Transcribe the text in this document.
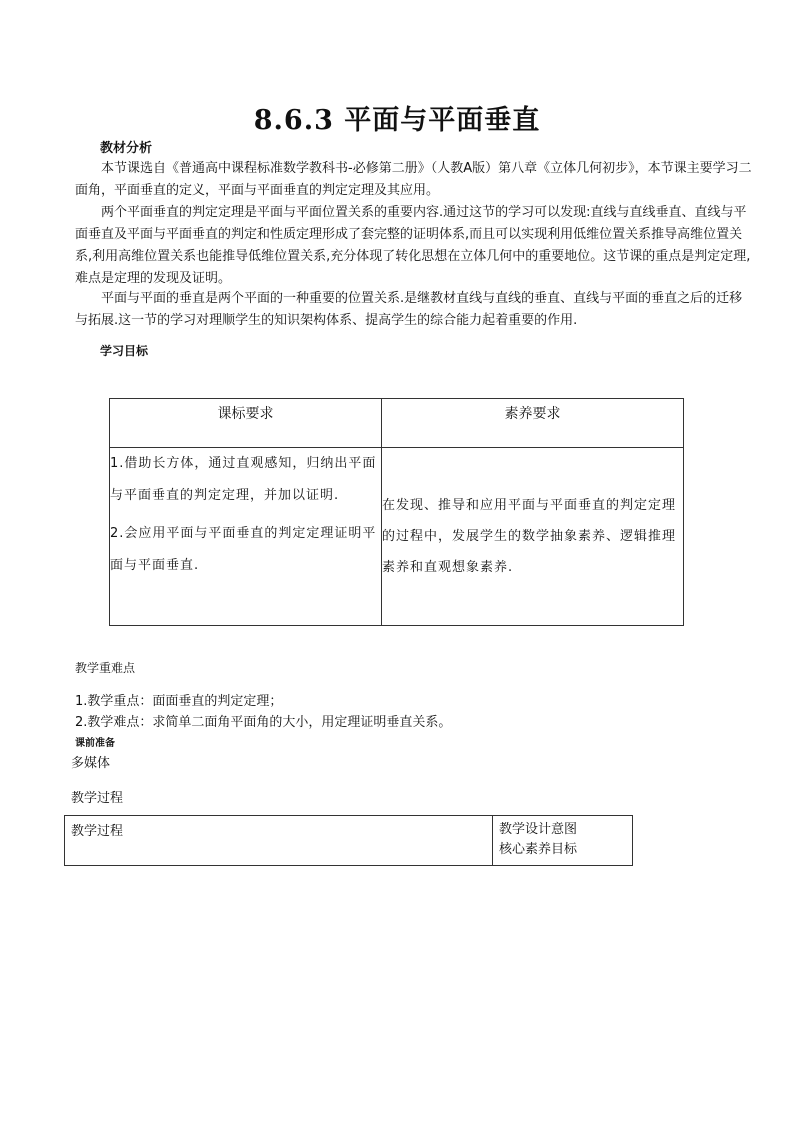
8.6.3 平面与平面垂直
教材分析

本节课选自《普通高中课程标准数学教科书-必修第二册》（人教A版）第八章《立体几何初步》，本节课主要学习二面角，平面垂直的定义，平面与平面垂直的判定定理及其应用。

两个平面垂直的判定定理是平面与平面位置关系的重要内容.通过这节的学习可以发现:直线与直线垂直、直线与平面垂直及平面与平面垂直的判定和性质定理形成了套完整的证明体系,而且可以实现利用低维位置关系推导高维位置关系,利用高维位置关系也能推导低维位置关系,充分体现了转化思想在立体几何中的重要地位。这节课的重点是判定定理,难点是定理的发现及证明。

平面与平面的垂直是两个平面的一种重要的位置关系.是继教材直线与直线的垂直、直线与平面的垂直之后的迁移与拓展.这一节的学习对理顺学生的知识架构体系、提高学生的综合能力起着重要的作用.

学习目标
课标要求	素养要求

1.借助长方体，通过直观感知，归纳出平面与平面垂直的判定定理，并加以证明.

2.会应用平面与平面垂直的判定定理证明平面与平面垂直.	在发现、推导和应用平面与平面垂直的判定定理的过程中，发展学生的数学抽象素养、逻辑推理素养和直观想象素养.

教学重难点
1.教学重点：面面垂直的判定定理；
2.教学难点：求简单二面角平面角的大小，用定理证明垂直关系。
课前准备
多媒体
教学过程
教学过程	教学设计意图
核心素养目标
